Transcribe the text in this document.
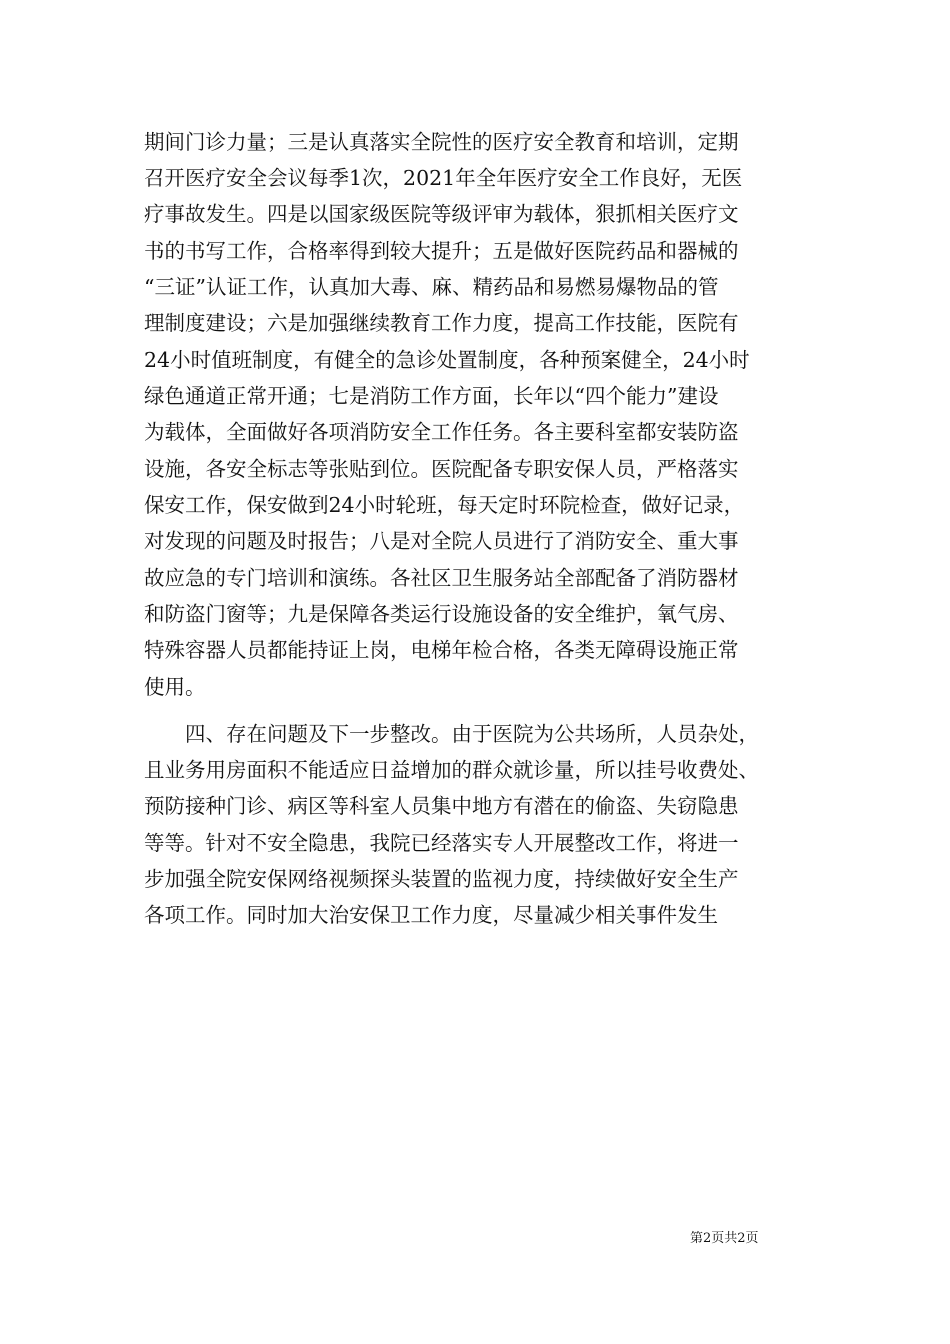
期间门诊力量；三是认真落实全院性的医疗安全教育和培训，定期
召开医疗安全会议每季1次，2021年全年医疗安全工作良好，无医
疗事故发生。四是以国家级医院等级评审为载体，狠抓相关医疗文
书的书写工作，合格率得到较大提升；五是做好医院药品和器械的
“三证”认证工作，认真加大毒、麻、精药品和易燃易爆物品的管
理制度建设；六是加强继续教育工作力度，提高工作技能，医院有
24小时值班制度，有健全的急诊处置制度，各种预案健全，24小时
绿色通道正常开通；七是消防工作方面，长年以“四个能力”建设
为载体，全面做好各项消防安全工作任务。各主要科室都安装防盗
设施，各安全标志等张贴到位。医院配备专职安保人员，严格落实
保安工作，保安做到24小时轮班，每天定时环院检查，做好记录，
对发现的问题及时报告；八是对全院人员进行了消防安全、重大事
故应急的专门培训和演练。各社区卫生服务站全部配备了消防器材
和防盗门窗等；九是保障各类运行设施设备的安全维护，氧气房、
特殊容器人员都能持证上岗，电梯年检合格，各类无障碍设施正常
使用。
四、存在问题及下一步整改。由于医院为公共场所，人员杂处，
且业务用房面积不能适应日益增加的群众就诊量，所以挂号收费处、
预防接种门诊、病区等科室人员集中地方有潜在的偷盗、失窃隐患
等等。针对不安全隐患，我院已经落实专人开展整改工作，将进一
步加强全院安保网络视频探头装置的监视力度，持续做好安全生产
各项工作。同时加大治安保卫工作力度，尽量减少相关事件发生
第2页共2页
